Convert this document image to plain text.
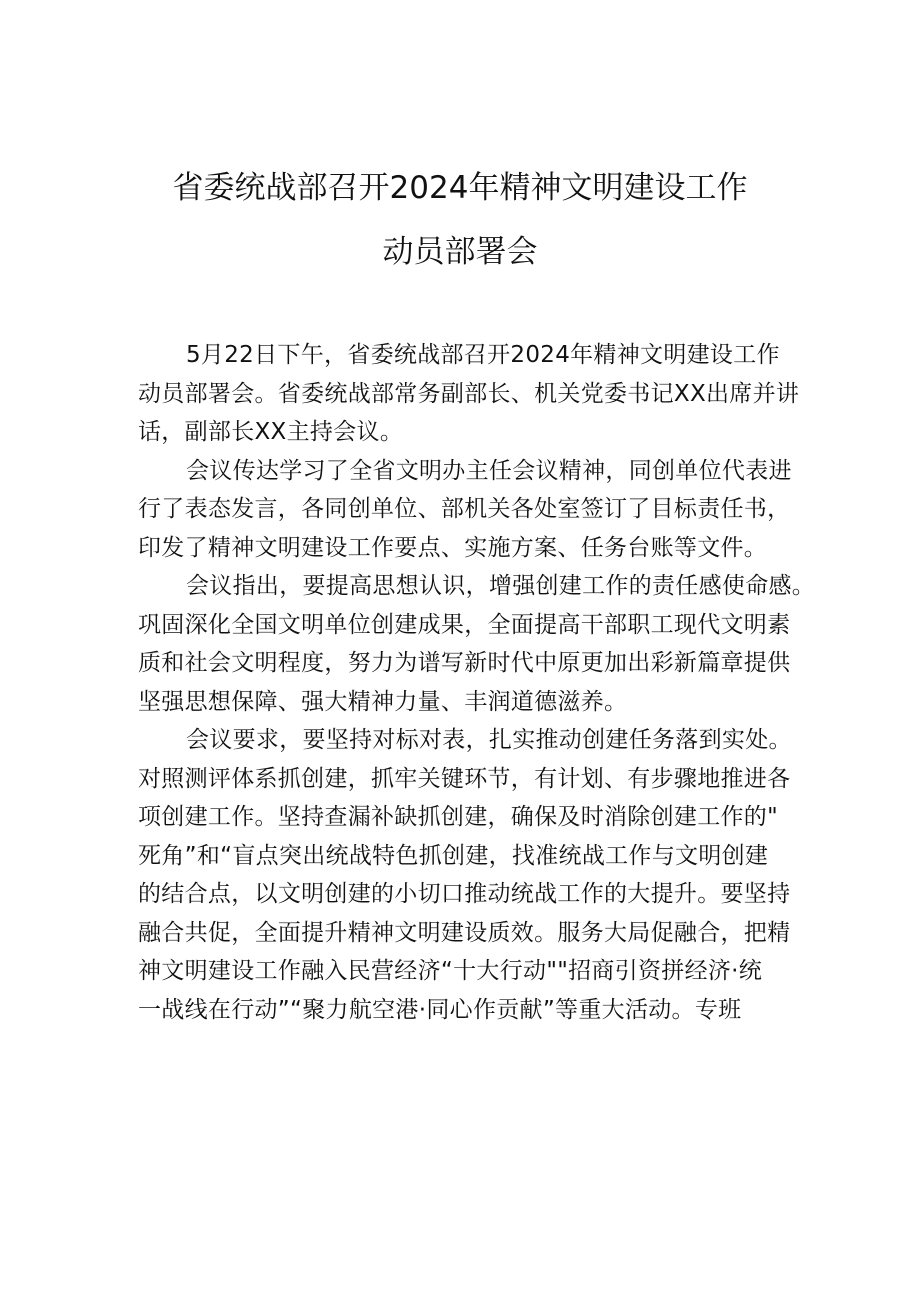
省委统战部召开2024年精神文明建设工作
动员部署会
5月22日下午，省委统战部召开2024年精神文明建设工作
动员部署会。省委统战部常务副部长、机关党委书记XX出席并讲
话，副部长XX主持会议。
会议传达学习了全省文明办主任会议精神，同创单位代表进
行了表态发言，各同创单位、部机关各处室签订了目标责任书，
印发了精神文明建设工作要点、实施方案、任务台账等文件。
会议指出，要提高思想认识，增强创建工作的责任感使命感。
巩固深化全国文明单位创建成果，全面提高干部职工现代文明素
质和社会文明程度，努力为谱写新时代中原更加出彩新篇章提供
坚强思想保障、强大精神力量、丰润道德滋养。
会议要求，要坚持对标对表，扎实推动创建任务落到实处。
对照测评体系抓创建，抓牢关键环节，有计划、有步骤地推进各
项创建工作。坚持查漏补缺抓创建，确保及时消除创建工作的"
死角”和“盲点突出统战特色抓创建，找准统战工作与文明创建
的结合点，以文明创建的小切口推动统战工作的大提升。要坚持
融合共促，全面提升精神文明建设质效。服务大局促融合，把精
神文明建设工作融入民营经济“十大行动""招商引资拼经济·统
一战线在行动”“聚力航空港·同心作贡献”等重大活动。专班
